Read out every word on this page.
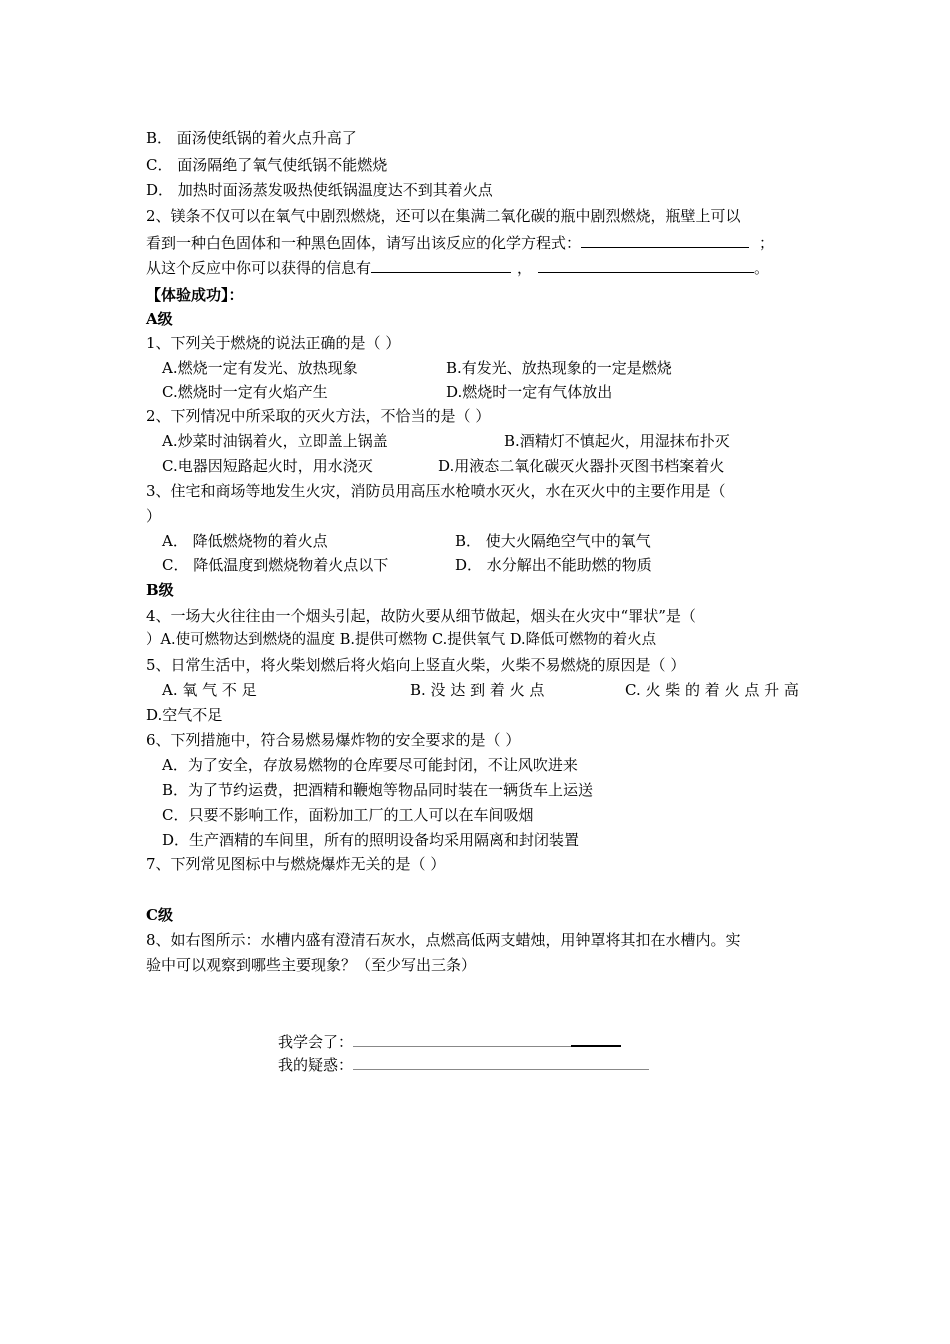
B． 面汤使纸锅的着火点升高了
C． 面汤隔绝了氧气使纸锅不能燃烧
D． 加热时面汤蒸发吸热使纸锅温度达不到其着火点
2、镁条不仅可以在氧气中剧烈燃烧，还可以在集满二氧化碳的瓶中剧烈燃烧，瓶壁上可以
看到一种白色固体和一种黑色固体，请写出该反应的化学方程式：	；
从这个反应中你可以获得的信息有	，	。
【体验成功】：
A级
1、下列关于燃烧的说法正确的是（ ）
A.燃烧一定有发光、放热现象	B.有发光、放热现象的一定是燃烧
C.燃烧时一定有火焰产生	D.燃烧时一定有气体放出
2、下列情况中所采取的灭火方法，不恰当的是（ ）
A.炒菜时油锅着火，立即盖上锅盖	B.酒精灯不慎起火，用湿抹布扑灭
C.电器因短路起火时，用水浇灭	D.用液态二氧化碳灭火器扑灭图书档案着火
3、住宅和商场等地发生火灾，消防员用高压水枪喷水灭火，水在灭火中的主要作用是（
）
A． 降低燃烧物的着火点	B． 使大火隔绝空气中的氧气
C． 降低温度到燃烧物着火点以下	D． 水分解出不能助燃的物质
B级
4、一场大火往往由一个烟头引起，故防火要从细节做起，烟头在火灾中“罪状”是（
）A.使可燃物达到燃烧的温度 B.提供可燃物 C.提供氧气 D.降低可燃物的着火点
5、日常生活中，将火柴划燃后将火焰向上竖直火柴，火柴不易燃烧的原因是（ ）
A. 氧 气 不 足	B. 没 达 到 着 火 点	C. 火 柴 的 着 火 点 升 高
D.空气不足
6、下列措施中，符合易燃易爆炸物的安全要求的是（ ）
A．为了安全，存放易燃物的仓库要尽可能封闭，不让风吹进来
B．为了节约运费，把酒精和鞭炮等物品同时装在一辆货车上运送
C．只要不影响工作，面粉加工厂的工人可以在车间吸烟
D．生产酒精的车间里，所有的照明设备均采用隔离和封闭装置
7、下列常见图标中与燃烧爆炸无关的是（ ）
C级
8、如右图所示：水槽内盛有澄清石灰水，点燃高低两支蜡烛，用钟罩将其扣在水槽内。实
验中可以观察到哪些主要现象？（至少写出三条）
我学会了：
我的疑惑：
